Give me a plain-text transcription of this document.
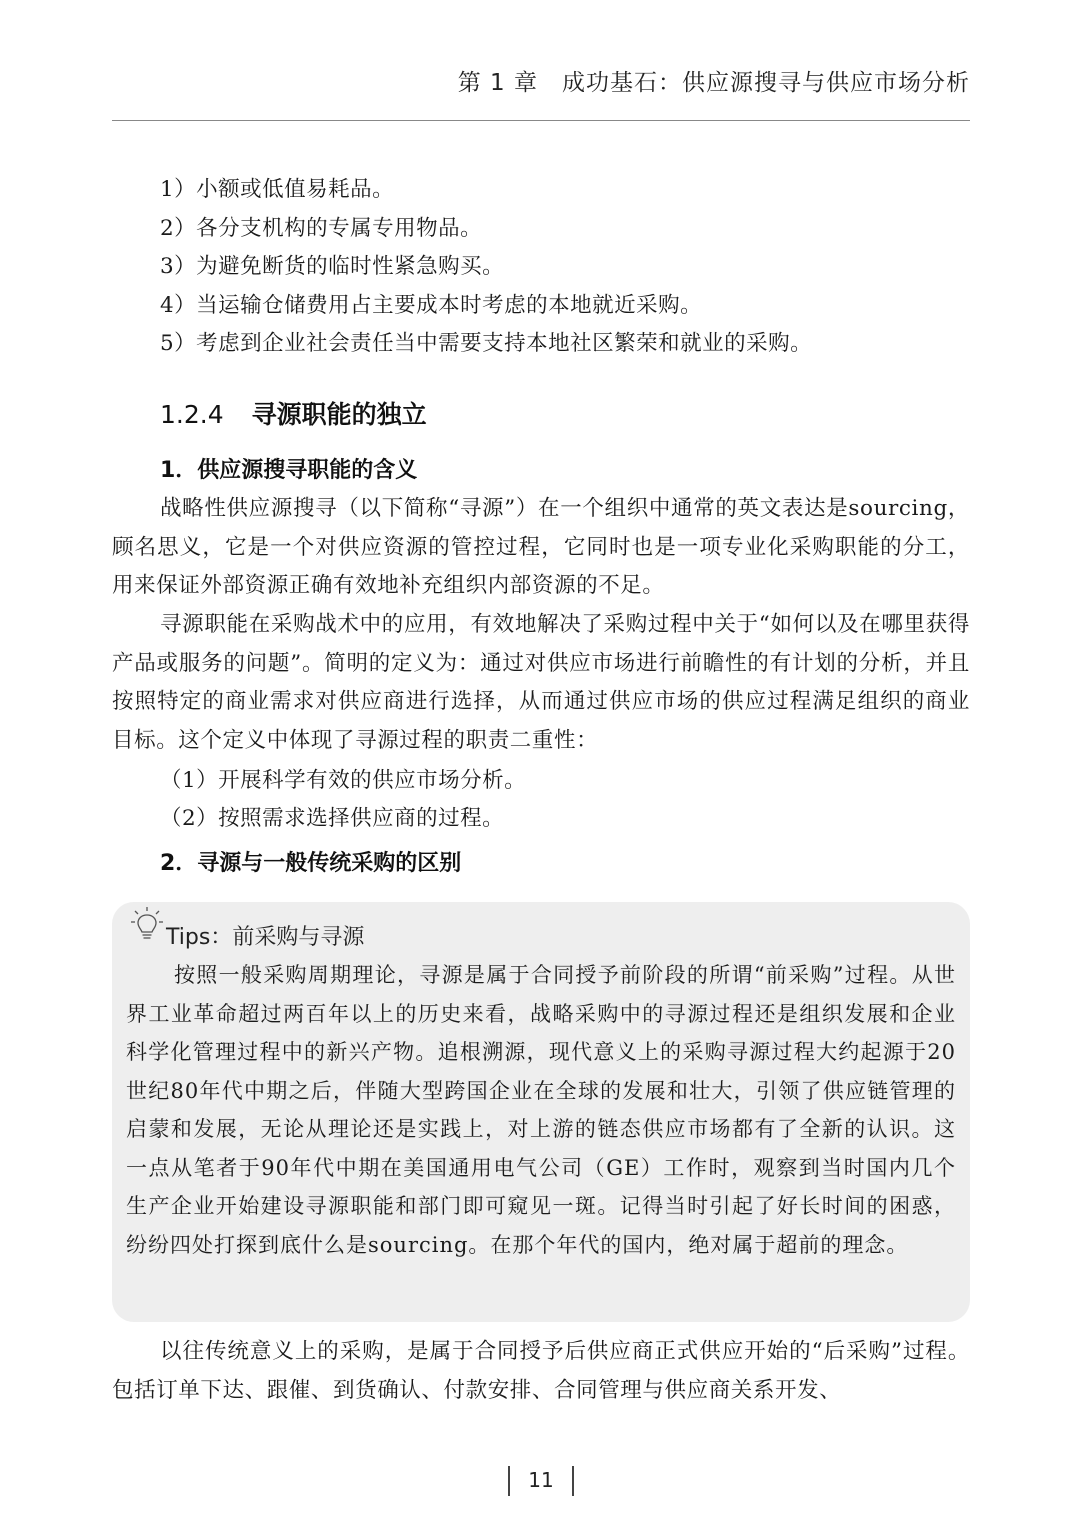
第 1 章　成功基石：供应源搜寻与供应市场分析
1）小额或低值易耗品。
2）各分支机构的专属专用物品。
3）为避免断货的临时性紧急购买。
4）当运输仓储费用占主要成本时考虑的本地就近采购。
5）考虑到企业社会责任当中需要支持本地社区繁荣和就业的采购。
1.2.4 寻源职能的独立
1．供应源搜寻职能的含义

战略性供应源搜寻（以下简称“寻源”）在一个组织中通常的英文表达是sourcing，顾名思义，它是一个对供应资源的管控过程，它同时也是一项专业化采购职能的分工，用来保证外部资源正确有效地补充组织内部资源的不足。

寻源职能在采购战术中的应用，有效地解决了采购过程中关于“如何以及在哪里获得产品或服务的问题”。简明的定义为：通过对供应市场进行前瞻性的有计划的分析，并且按照特定的商业需求对供应商进行选择，从而通过供应市场的供应过程满足组织的商业目标。这个定义中体现了寻源过程的职责二重性：

（1）开展科学有效的供应市场分析。
（2）按照需求选择供应商的过程。
2．寻源与一般传统采购的区别
Tips：前采购与寻源

按照一般采购周期理论，寻源是属于合同授予前阶段的所谓“前采购”过程。从世界工业革命超过两百年以上的历史来看，战略采购中的寻源过程还是组织发展和企业科学化管理过程中的新兴产物。追根溯源，现代意义上的采购寻源过程大约起源于20世纪80年代中期之后，伴随大型跨国企业在全球的发展和壮大，引领了供应链管理的启蒙和发展，无论从理论还是实践上，对上游的链态供应市场都有了全新的认识。这一点从笔者于90年代中期在美国通用电气公司（GE）工作时，观察到当时国内几个生产企业开始建设寻源职能和部门即可窥见一斑。记得当时引起了好长时间的困惑，纷纷四处打探到底什么是sourcing。在那个年代的国内，绝对属于超前的理念。

以往传统意义上的采购，是属于合同授予后供应商正式供应开始的“后采购”过程。包括订单下达、跟催、到货确认、付款安排、合同管理与供应商关系开发、

11
